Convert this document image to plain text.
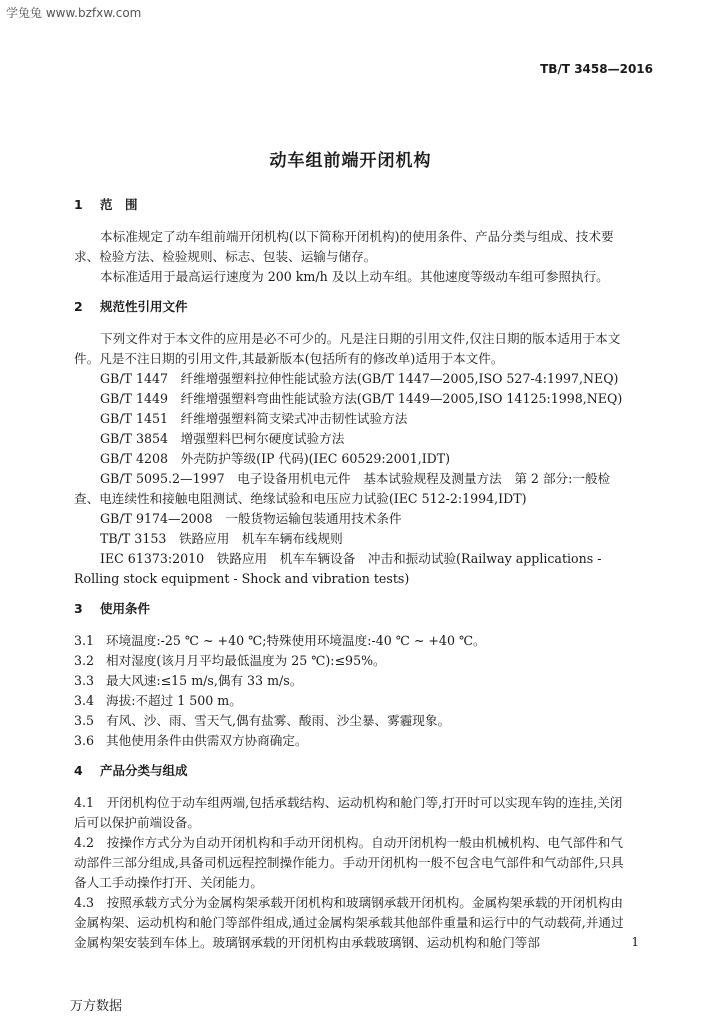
学兔兔 www.bzfxw.com
TB/T 3458—2016
动车组前端开闭机构

1 范　围

本标准规定了动车组前端开闭机构(以下简称开闭机构)的使用条件、产品分类与组成、技术要求、检验方法、检验规则、标志、包装、运输与储存。

本标准适用于最高运行速度为 200 km/h 及以上动车组。其他速度等级动车组可参照执行。

2 规范性引用文件

下列文件对于本文件的应用是必不可少的。凡是注日期的引用文件,仅注日期的版本适用于本文件。凡是不注日期的引用文件,其最新版本(包括所有的修改单)适用于本文件。

GB/T 1447　纤维增强塑料拉伸性能试验方法(GB/T 1447—2005,ISO 527-4:1997,NEQ)

GB/T 1449　纤维增强塑料弯曲性能试验方法(GB/T 1449—2005,ISO 14125:1998,NEQ)

GB/T 1451　纤维增强塑料简支梁式冲击韧性试验方法

GB/T 3854　增强塑料巴柯尔硬度试验方法

GB/T 4208　外壳防护等级(IP 代码)(IEC 60529:2001,IDT)

GB/T 5095.2—1997　电子设备用机电元件　基本试验规程及测量方法　第 2 部分:一般检查、电连续性和接触电阻测试、绝缘试验和电压应力试验(IEC 512-2:1994,IDT)

GB/T 9174—2008　一般货物运输包装通用技术条件

TB/T 3153　铁路应用　机车车辆布线规则

IEC 61373:2010　铁路应用　机车车辆设备　冲击和振动试验(Railway applications - Rolling stock equipment - Shock and vibration tests)

3 使用条件

3.1 环境温度:-25 ℃ ~ +40 ℃;特殊使用环境温度:-40 ℃ ~ +40 ℃。
3.2 相对湿度(该月月平均最低温度为 25 ℃):≤95%。
3.3 最大风速:≤15 m/s,偶有 33 m/s。
3.4 海拔:不超过 1 500 m。
3.5 有风、沙、雨、雪天气,偶有盐雾、酸雨、沙尘暴、雾霾现象。
3.6 其他使用条件由供需双方协商确定。

4 产品分类与组成

4.1　 开闭机构位于动车组两端,包括承载结构、运动机构和舱门等,打开时可以实现车钩的连挂,关闭后可以保护前端设备。

4.2　 按操作方式分为自动开闭机构和手动开闭机构。自动开闭机构一般由机械机构、电气部件和气动部件三部分组成,具备司机远程控制操作能力。手动开闭机构一般不包含电气部件和气动部件,只具备人工手动操作打开、关闭能力。

4.3　 按照承载方式分为金属构架承载开闭机构和玻璃钢承载开闭机构。金属构架承载的开闭机构由金属构架、运动机构和舱门等部件组成,通过金属构架承载其他部件重量和运行中的气动载荷,并通过金属构架安装到车体上。玻璃钢承载的开闭机构由承载玻璃钢、运动机构和舱门等部	1
万方数据
